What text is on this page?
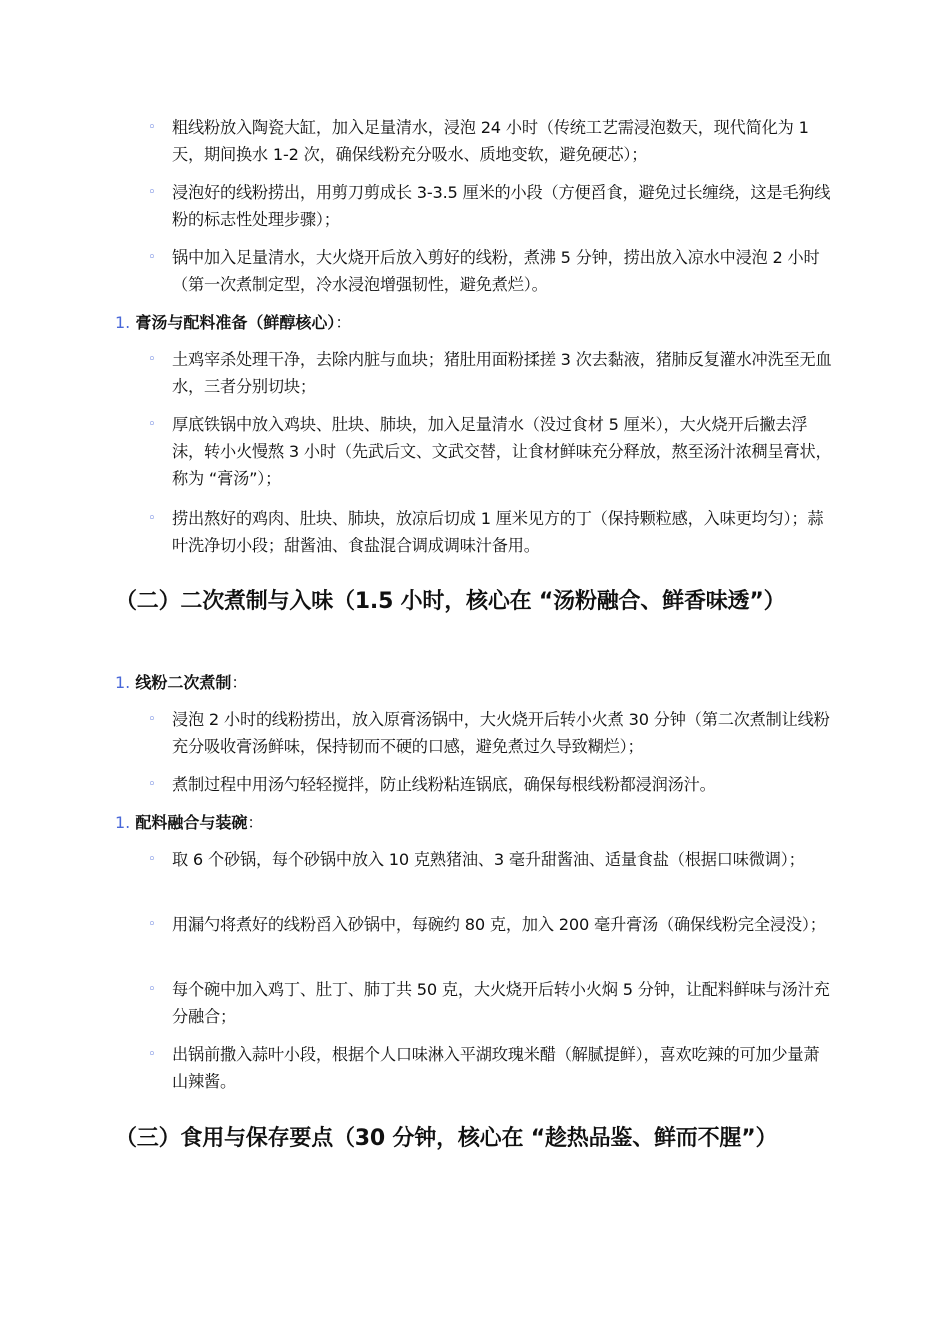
◦ 粗线粉放入陶瓷大缸，加入足量清水，浸泡 24 小时（传统工艺需浸泡数天，现代简化为 1 天，期间换水 1-2 次，确保线粉充分吸水、质地变软，避免硬芯）；
◦ 浸泡好的线粉捞出，用剪刀剪成长 3-3.5 厘米的小段（方便舀食，避免过长缠绕，这是毛狗线粉的标志性处理步骤）；
◦ 锅中加入足量清水，大火烧开后放入剪好的线粉，煮沸 5 分钟，捞出放入凉水中浸泡 2 小时（第一次煮制定型，冷水浸泡增强韧性，避免煮烂）。
1. 膏汤与配料准备（鲜醇核心）：
◦ 土鸡宰杀处理干净，去除内脏与血块；猪肚用面粉揉搓 3 次去黏液，猪肺反复灌水冲洗至无血水，三者分别切块；
◦ 厚底铁锅中放入鸡块、肚块、肺块，加入足量清水（没过食材 5 厘米），大火烧开后撇去浮沫，转小火慢熬 3 小时（先武后文、文武交替，让食材鲜味充分释放，熬至汤汁浓稠呈膏状，称为 “膏汤”）；
◦ 捞出熬好的鸡肉、肚块、肺块，放凉后切成 1 厘米见方的丁（保持颗粒感，入味更均匀）；蒜叶洗净切小段；甜酱油、食盐混合调成调味汁备用。
（二）二次煮制与入味（1.5 小时，核心在 “汤粉融合、鲜香味透”）
1. 线粉二次煮制：
◦ 浸泡 2 小时的线粉捞出，放入原膏汤锅中，大火烧开后转小火煮 30 分钟（第二次煮制让线粉充分吸收膏汤鲜味，保持韧而不硬的口感，避免煮过久导致糊烂）；
◦ 煮制过程中用汤勺轻轻搅拌，防止线粉粘连锅底，确保每根线粉都浸润汤汁。
1. 配料融合与装碗：
◦ 取 6 个砂锅，每个砂锅中放入 10 克熟猪油、3 毫升甜酱油、适量食盐（根据口味微调）；
◦ 用漏勺将煮好的线粉舀入砂锅中，每碗约 80 克，加入 200 毫升膏汤（确保线粉完全浸没）；
◦ 每个碗中加入鸡丁、肚丁、肺丁共 50 克，大火烧开后转小火焖 5 分钟，让配料鲜味与汤汁充分融合；
◦ 出锅前撒入蒜叶小段，根据个人口味淋入平湖玫瑰米醋（解腻提鲜），喜欢吃辣的可加少量萧山辣酱。
（三）食用与保存要点（30 分钟，核心在 “趁热品鉴、鲜而不腥”）
